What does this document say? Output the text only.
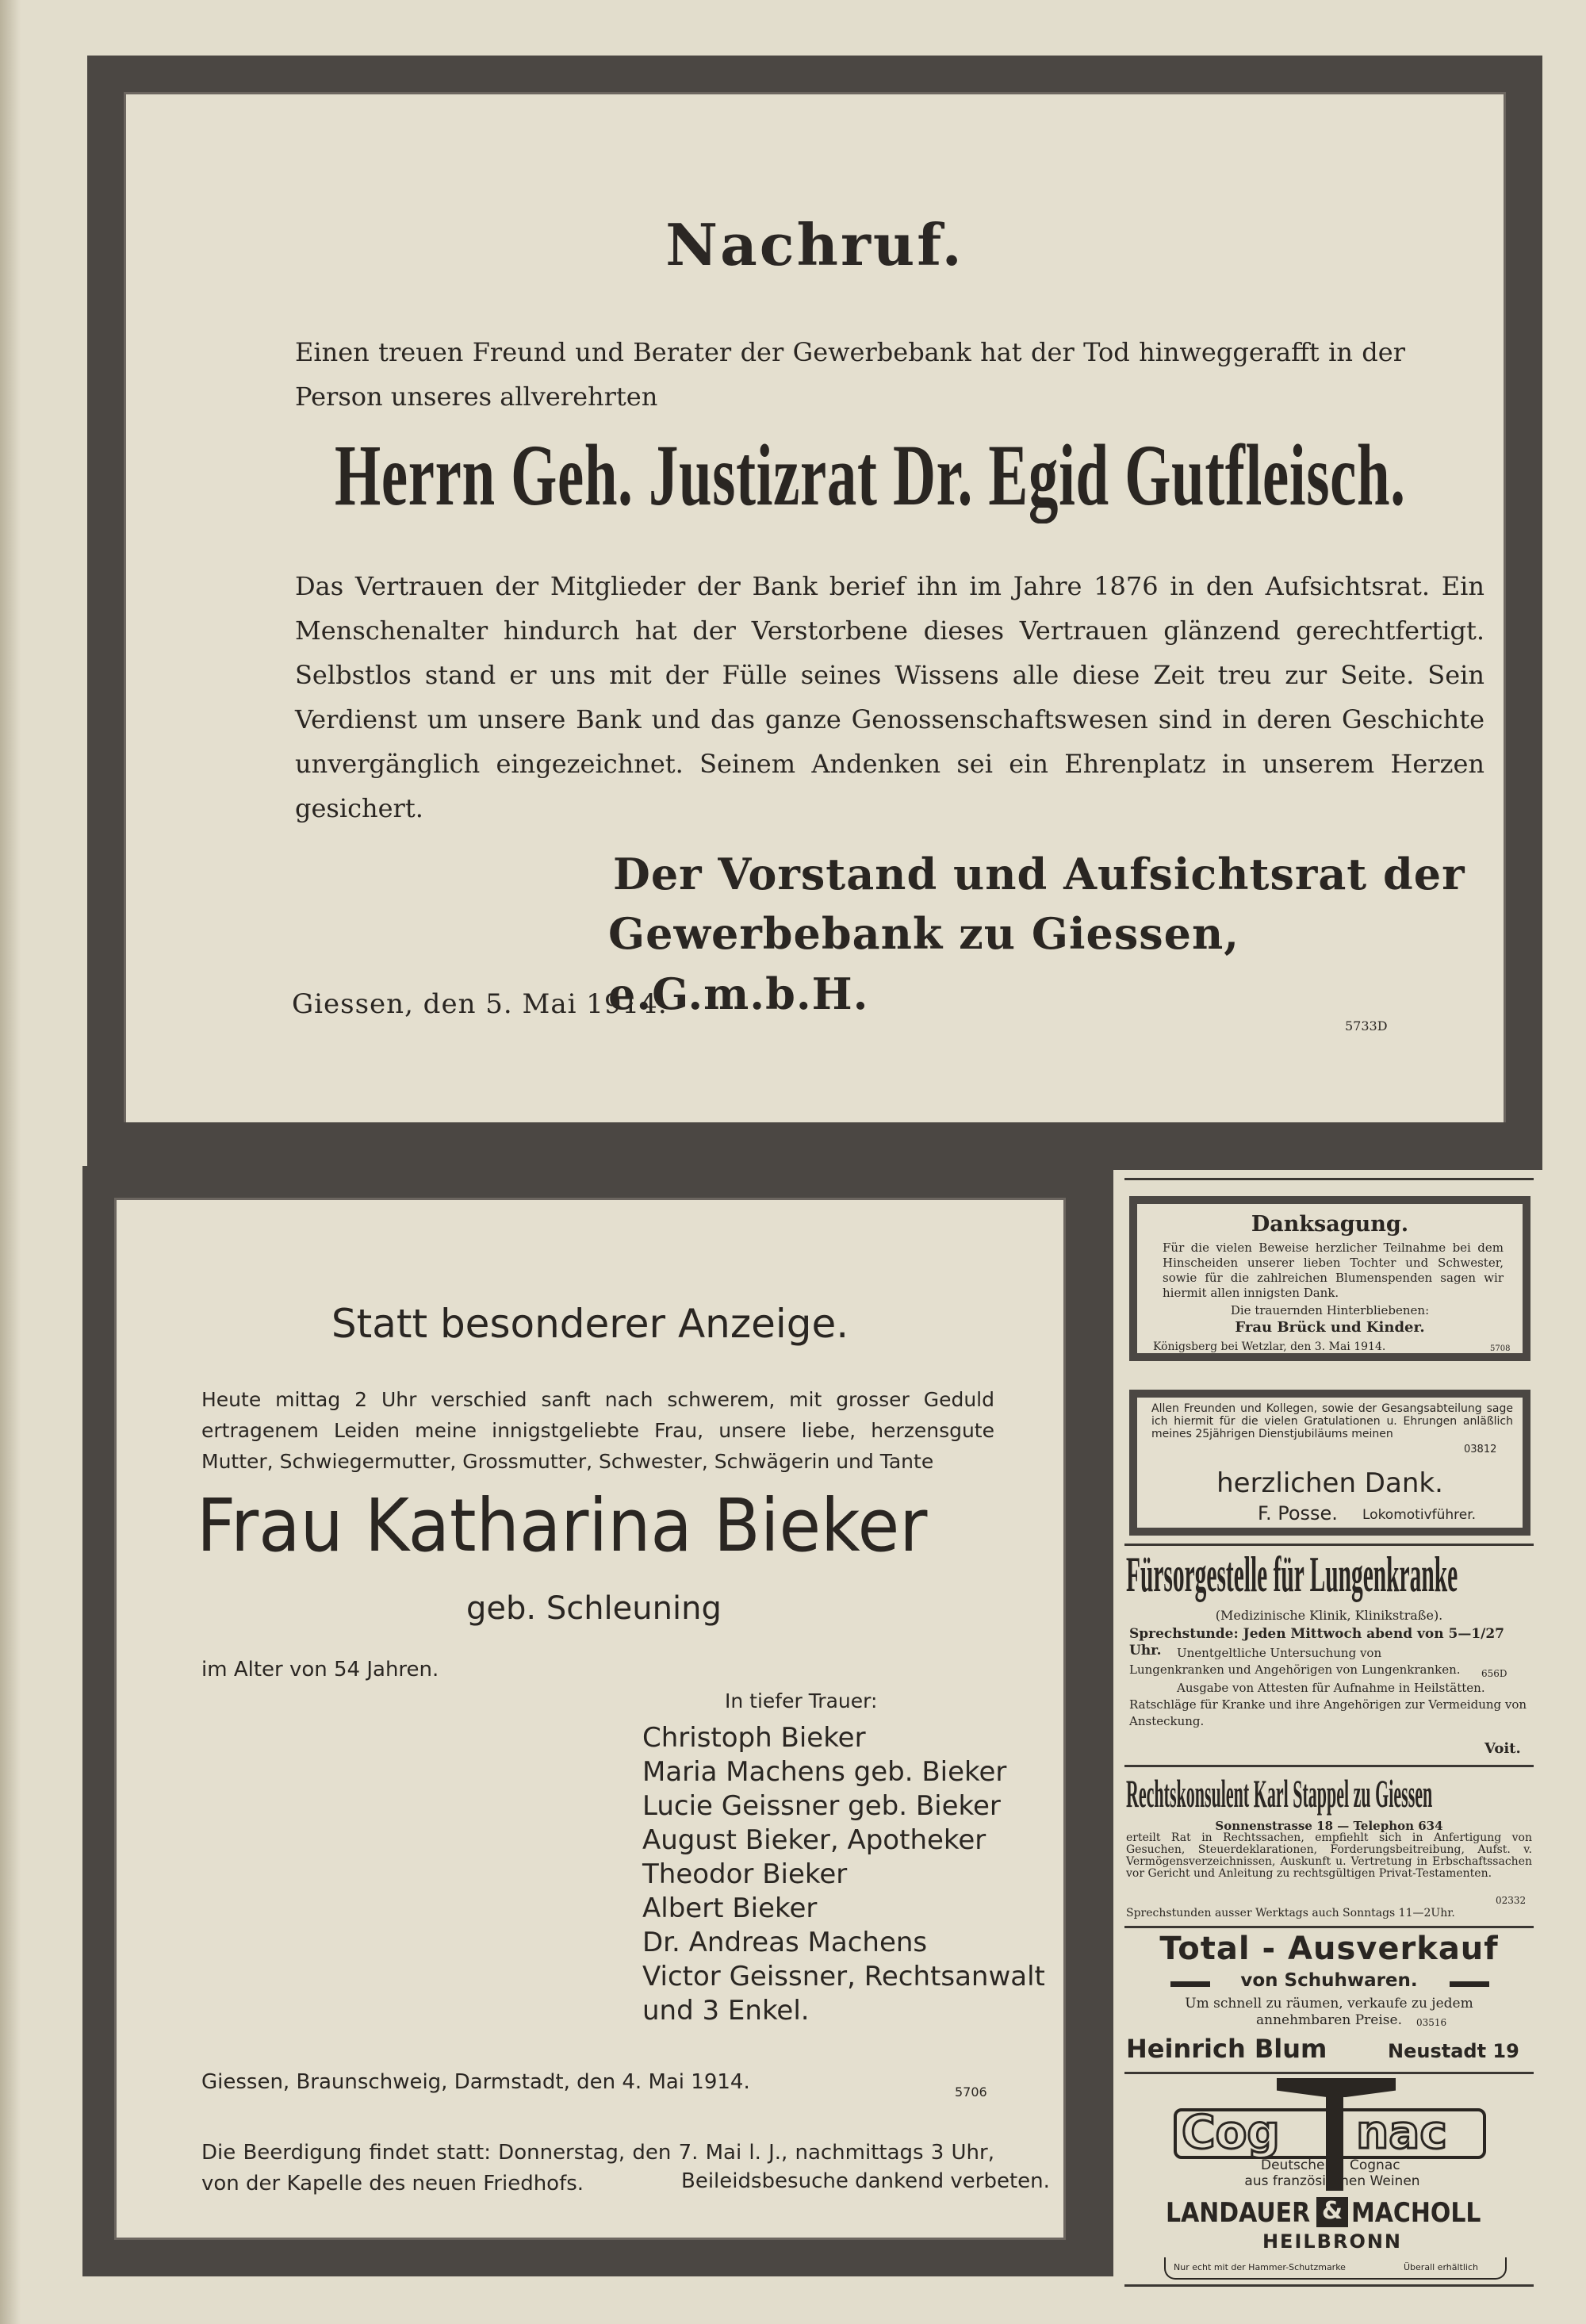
Nachruf.
Einen treuen Freund und Berater der Gewerbebank hat der Tod hinweggerafft in der Person unseres allverehrten
Herrn Geh. Justizrat Dr. Egid Gutfleisch.
Das Vertrauen der Mitglieder der Bank berief ihn im Jahre 1876 in den Aufsichtsrat. Ein Menschenalter hindurch hat der Verstorbene dieses Vertrauen glänzend gerechtfertigt. Selbstlos stand er uns mit der Fülle seines Wissens alle diese Zeit treu zur Seite. Sein Verdienst um unsere Bank und das ganze Genossenschaftswesen sind in deren Geschichte unvergänglich eingezeichnet. Seinem Andenken sei ein Ehrenplatz in unserem Herzen gesichert.
Der Vorstand und Aufsichtsrat der
Gewerbebank zu Giessen, e.G.m.b.H.
Giessen, den 5. Mai 1914.
5733D
Statt besonderer Anzeige.
Heute mittag 2 Uhr verschied sanft nach schwerem, mit grosser Geduld ertragenem Leiden meine innigstgeliebte Frau, unsere liebe, herzensgute Mutter, Schwiegermutter, Grossmutter, Schwester, Schwägerin und Tante
Frau Katharina Bieker
geb. Schleuning
im Alter von 54 Jahren.
In tiefer Trauer:
Christoph Bieker
Maria Machens geb. Bieker
Lucie Geissner geb. Bieker
August Bieker, Apotheker
Theodor Bieker
Albert Bieker
Dr. Andreas Machens
Victor Geissner, Rechtsanwalt
und 3 Enkel.
Giessen, Braunschweig, Darmstadt, den 4. Mai 1914.	5706
Die Beerdigung findet statt: Donnerstag, den 7. Mai l. J., nachmittags 3 Uhr, von der Kapelle des neuen Friedhofs.	Beileidsbesuche dankend verbeten.
Danksagung.
Für die vielen Beweise herzlicher Teilnahme bei dem Hinscheiden unserer lieben Tochter und Schwester, sowie für die zahlreichen Blumenspenden sagen wir hiermit allen innigsten Dank.
Die trauernden Hinterbliebenen:
Frau Brück und Kinder.
Königsberg bei Wetzlar, den 3. Mai 1914.	5708
Allen Freunden und Kollegen, sowie der Gesangsabteilung sage ich hiermit für die vielen Gratulationen u. Ehrungen anläßlich meines 25jährigen Dienstjubiläums meinen
03812
herzlichen Dank.
F. Posse. Lokomotivführer.
Fürsorgestelle für Lungenkranke
(Medizinische Klinik, Klinikstraße).
Sprechstunde: Jeden Mittwoch abend von 5—1/27 Uhr.	Unentgeltliche Untersuchung von Lungenkranken und Angehörigen von Lungenkranken.	656D
Ausgabe von Attesten für Aufnahme in Heilstätten. Ratschläge für Kranke und ihre Angehörigen zur Vermeidung von Ansteckung.
Voit.
Rechtskonsulent Karl Stappel zu Giessen
Sonnenstrasse 18 — Telephon 634
erteilt Rat in Rechtssachen, empfiehlt sich in Anfertigung von Gesuchen, Steuerdeklarationen, Forderungsbeitreibung, Aufst. v. Vermögensverzeichnissen, Auskunft u. Vertretung in Erbschaftssachen vor Gericht und Anleitung zu rechtsgültigen Privat-Testamenten.
02332
Sprechstunden ausser Werktags auch Sonntags 11—2Uhr.
Total - Ausverkauf
von Schuhwaren.
Um schnell zu räumen, verkaufe zu jedem annehmbaren Preise.	03516
Heinrich Blum	Neustadt 19
Cog nac
Deutscher Cognac
aus französischen Weinen
LANDAUER & MACHOLL
HEILBRONN
Nur echt mit der Hammer-Schutzmarke	Überall erhältlich
